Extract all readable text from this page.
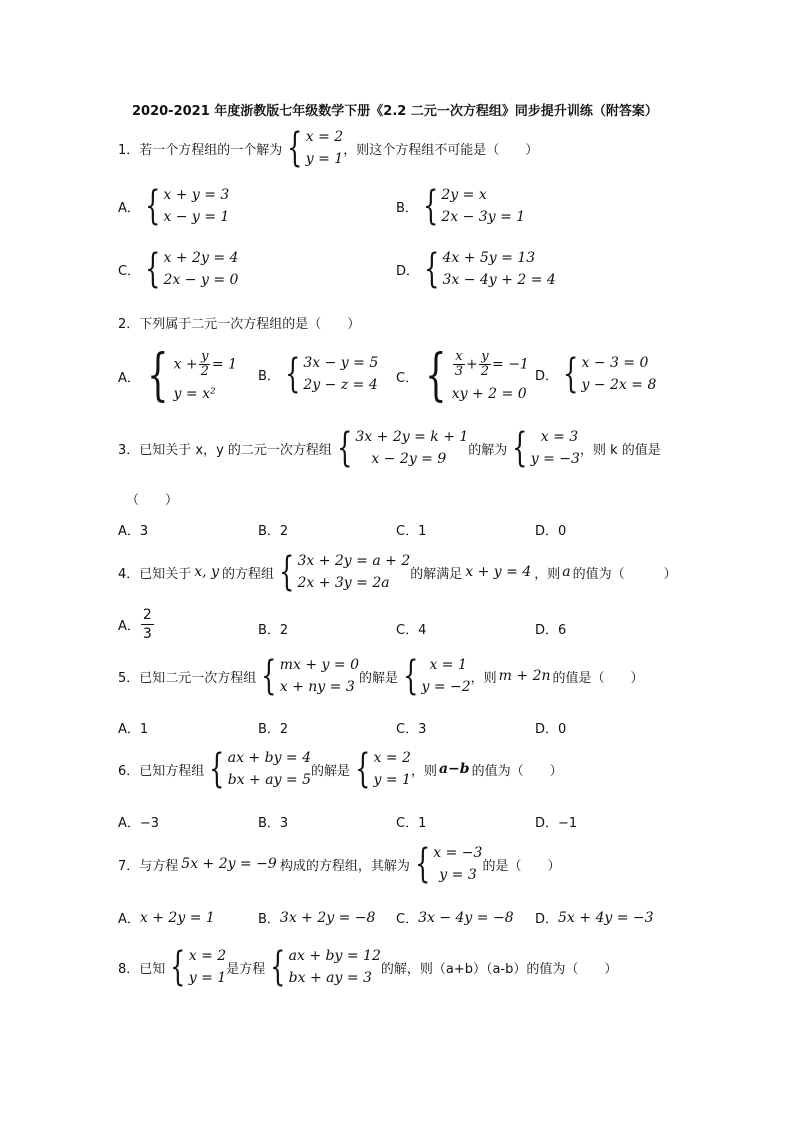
2020-2021 年度浙教版七年级数学下册《2.2 二元一次方程组》同步提升训练（附答案）
1．若一个方程组的一个解为 { x = 2
y = 1
，则这个方程组不可能是（　　）
A． { x + y = 3
x − y = 1
B． { 2y = x
2x − 3y = 1
C． { x + 2y = 4
2x − y = 0
D． { 4x + 5y = 13
3x − 4y + 2 = 4
2．下列属于二元一次方程组的是（　　）
A． { $x + \frac{y}{2} = 1$
y = x²
B． { 3x − y = 5
2y − z = 4 C． { $\frac{x}{3} + \frac{y}{2} = -1$
xy + 2 = 0
D． { x − 3 = 0
y − 2x = 8
3．已知关于 x，y 的二元一次方程组 { 3x + 2y = k + 1
x − 2y = 9
的解为 { x = 3
y = −3
，则 k 的值是
（　　）
A．3	B．2	C．1	D．0
4．已知关于 x, y 的方程组 { 3x + 2y = a + 2
2x + 3y = 2a
的解满足 x + y = 4 ，则 a 的值为（　　　）
A． $\frac{2}{3}$	B．2	C．4	D．6
5．已知二元一次方程组 { mx + y = 0
x + ny = 3
的解是 { x = 1
y = −2
，则 m + 2n 的值是（　　）
A．1	B．2	C．3	D．0
6．已知方程组 { ax + by = 4
bx + ay = 5
的解是 { x = 2
y = 1
，则 a−b 的值为（　　）
A．−3	B．3	C．1	D．−1
7．与方程 5x + 2y = −9 构成的方程组，其解为 { x = −3
y = 3
的是（　　）
A． x + 2y = 1	B． 3x + 2y = −8 C． 3x − 4y = −8 D． 5x + 4y = −3
8．已知 { x = 2
y = 1
是方程 { ax + by = 12
bx + ay = 3
的解，则（a+b）（a-b）的值为（　　）
